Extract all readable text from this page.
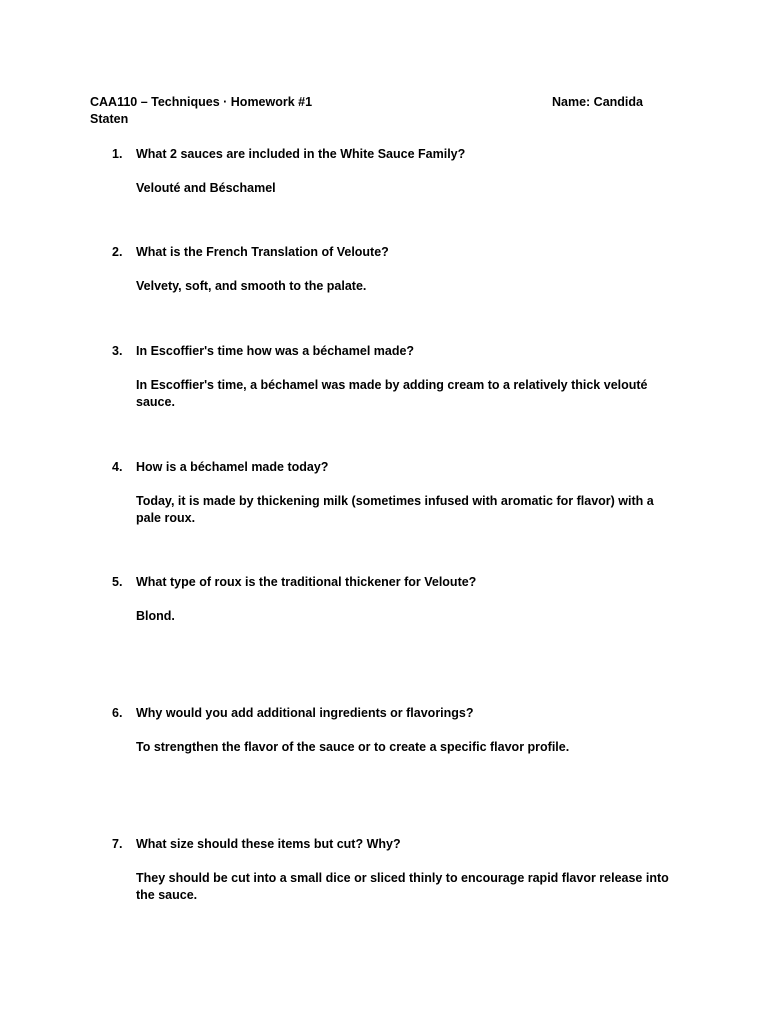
CAA110 – Techniques · Homework #1	Name: Candida
Staten
1. What 2 sauces are included in the White Sauce Family?
Velouté and Béschamel
2. What is the French Translation of Veloute?
Velvety, soft, and smooth to the palate.
3. In Escoffier's time how was a béchamel made?
In Escoffier's time, a béchamel was made by adding cream to a relatively thick velouté sauce.
4. How is a béchamel made today?
Today, it is made by thickening milk (sometimes infused with aromatic for flavor) with a pale roux.
5. What type of roux is the traditional thickener for Veloute?
Blond.
6. Why would you add additional ingredients or flavorings?
To strengthen the flavor of the sauce or to create a specific flavor profile.
7. What size should these items but cut? Why?
They should be cut into a small dice or sliced thinly to encourage rapid flavor release into the sauce.
